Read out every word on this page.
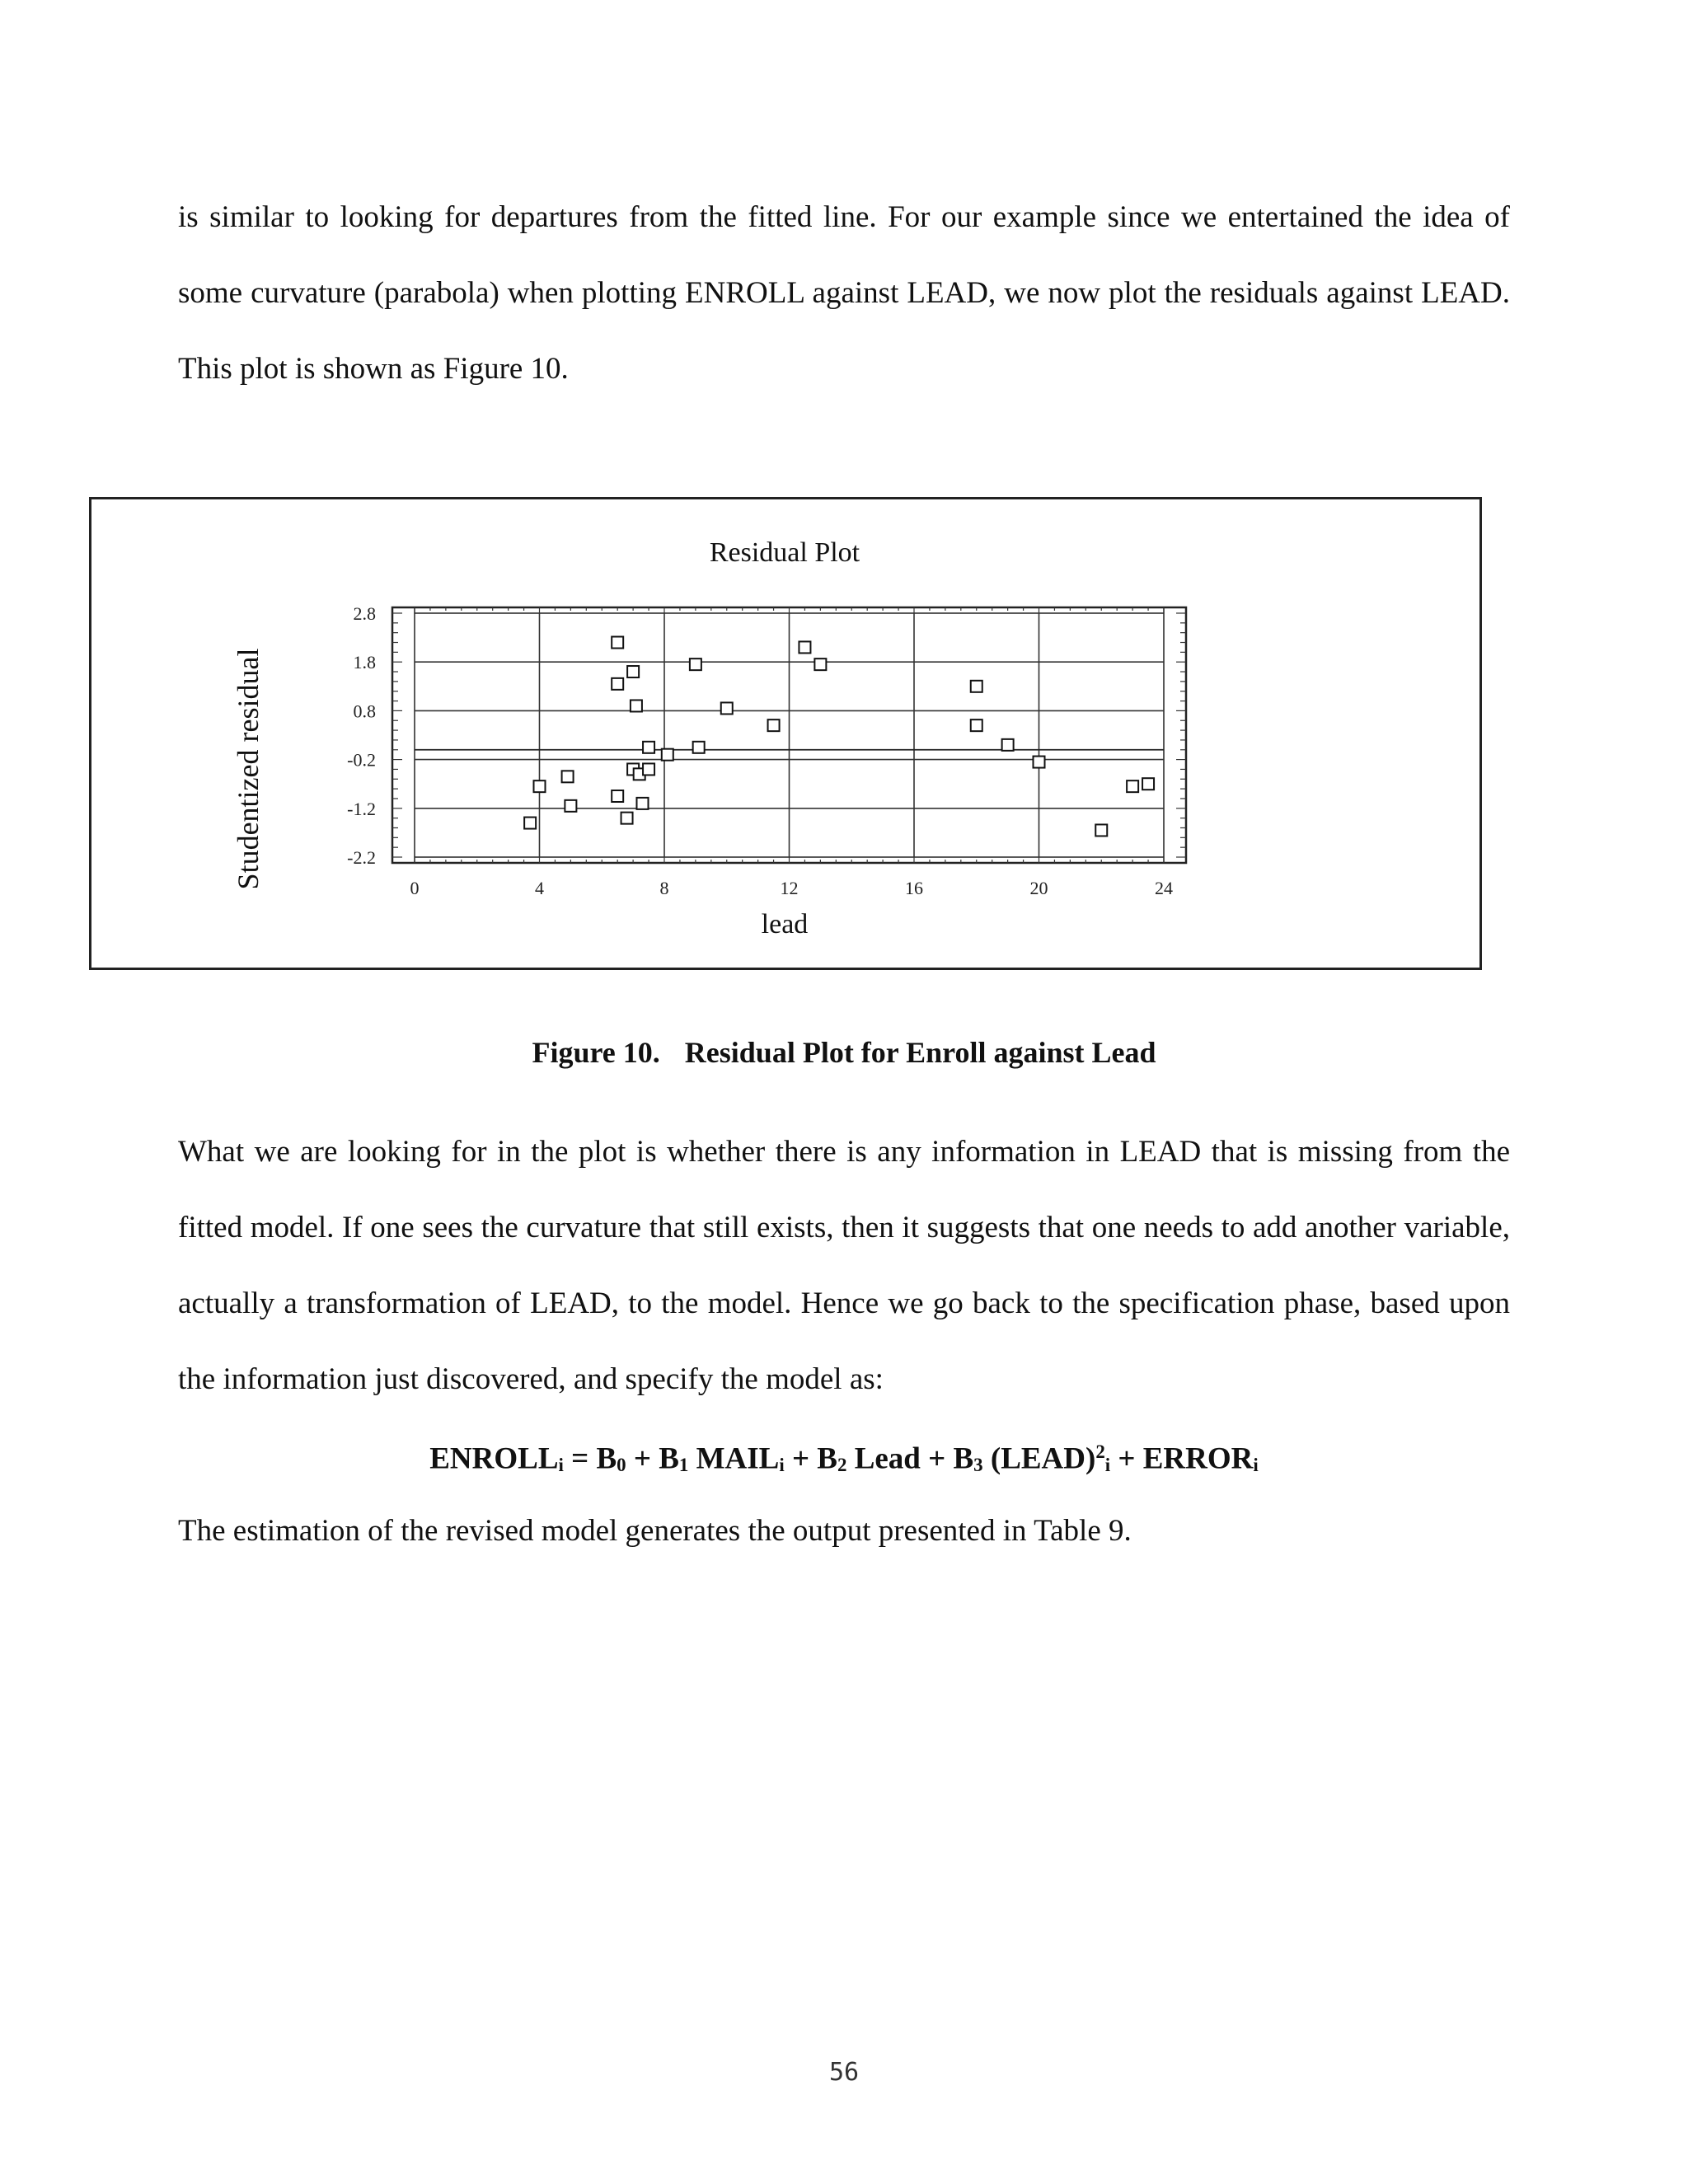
is similar to looking for departures from the fitted line. For our example since we entertained the idea of some curvature (parabola) when plotting ENROLL against LEAD, we now plot the residuals against LEAD. This plot is shown as Figure 10.

Residual Plot
Studentized residual
lead
0	4	8	12	16	20	24
2.8
1.8
0.8
-0.2
-1.2
-2.2
Figure 10. Residual Plot for Enroll against Lead

What we are looking for in the plot is whether there is any information in LEAD that is missing from the fitted model. If one sees the curvature that still exists, then it suggests that one needs to add another variable, actually a transformation of LEAD, to the model. Hence we go back to the specification phase, based upon the information just discovered, and specify the model as:

ENROLLi = B0 + B1 MAILi + B2 Lead + B3 (LEAD)$^2$i + ERRORi

The estimation of the revised model generates the output presented in Table 9.

56
